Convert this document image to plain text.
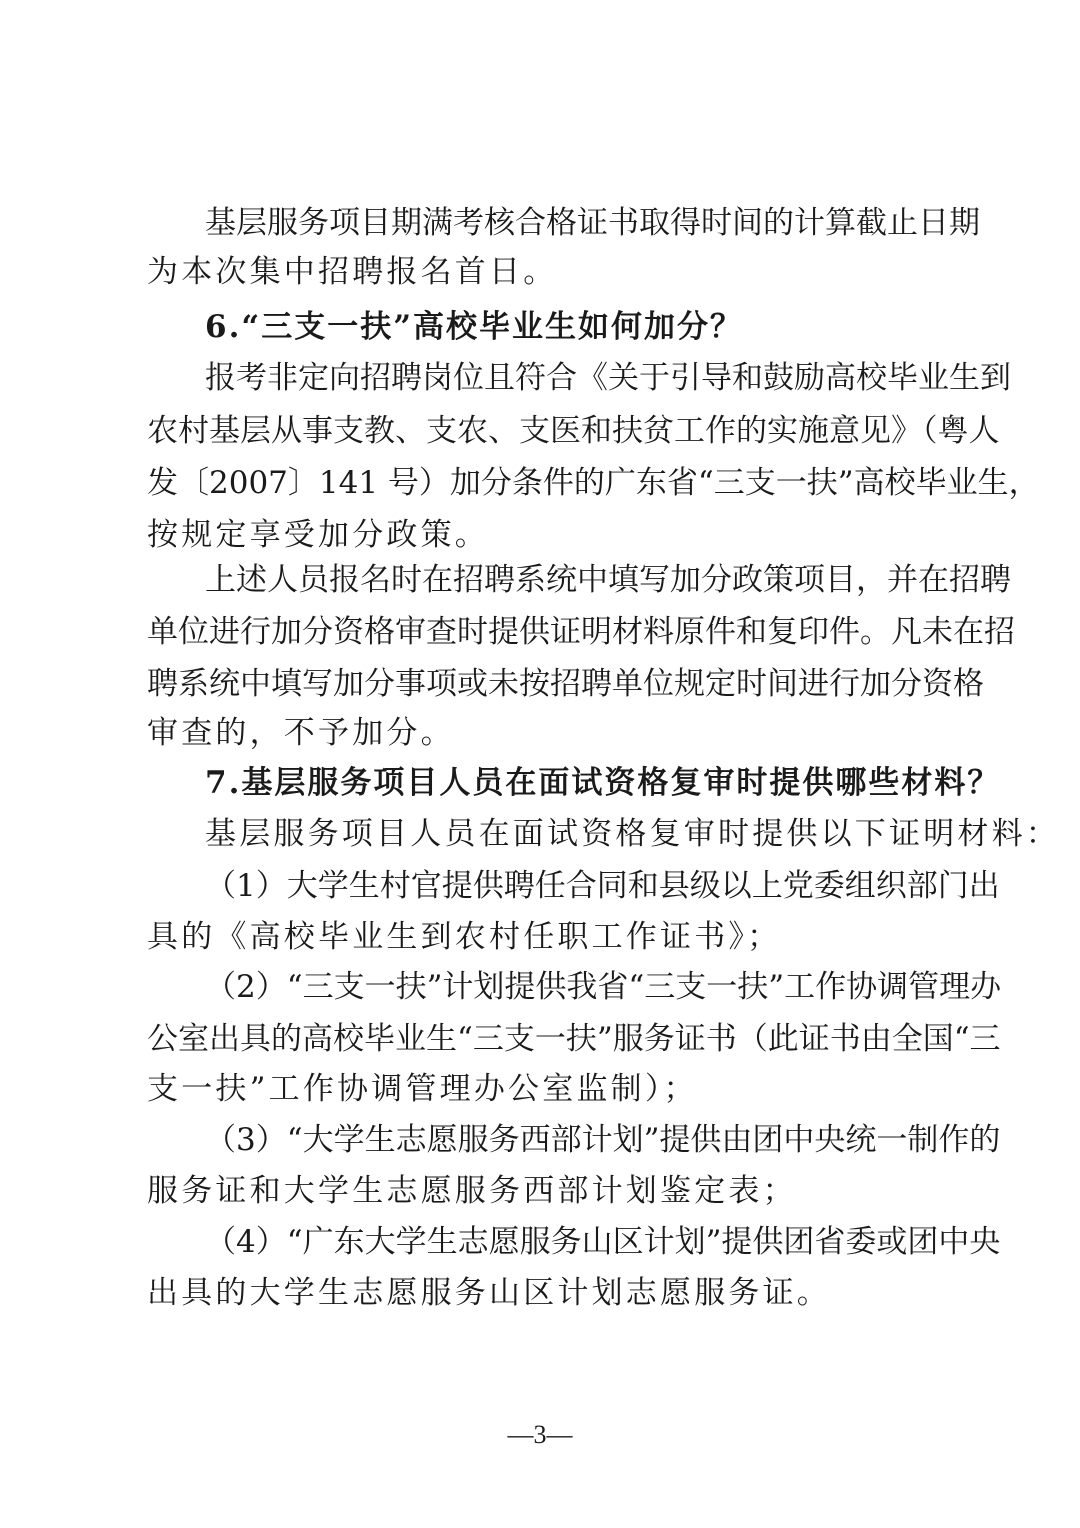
基层服务项目期满考核合格证书取得时间的计算截止日期
为本次集中招聘报名首日。
6.“三支一扶”高校毕业生如何加分？
报考非定向招聘岗位且符合《关于引导和鼓励高校毕业生到
农村基层从事支教、支农、支医和扶贫工作的实施意见》（粤人
发〔2007〕141 号）加分条件的广东省“三支一扶”高校毕业生，
按规定享受加分政策。
上述人员报名时在招聘系统中填写加分政策项目，并在招聘
单位进行加分资格审查时提供证明材料原件和复印件。凡未在招
聘系统中填写加分事项或未按招聘单位规定时间进行加分资格
审查的，不予加分。
7.基层服务项目人员在面试资格复审时提供哪些材料？
基层服务项目人员在面试资格复审时提供以下证明材料：
（1）大学生村官提供聘任合同和县级以上党委组织部门出
具的《高校毕业生到农村任职工作证书》；
（2）“三支一扶”计划提供我省“三支一扶”工作协调管理办
公室出具的高校毕业生“三支一扶”服务证书（此证书由全国“三
支一扶”工作协调管理办公室监制）；
（3）“大学生志愿服务西部计划”提供由团中央统一制作的
服务证和大学生志愿服务西部计划鉴定表；
（4）“广东大学生志愿服务山区计划”提供团省委或团中央
出具的大学生志愿服务山区计划志愿服务证。
—3—
